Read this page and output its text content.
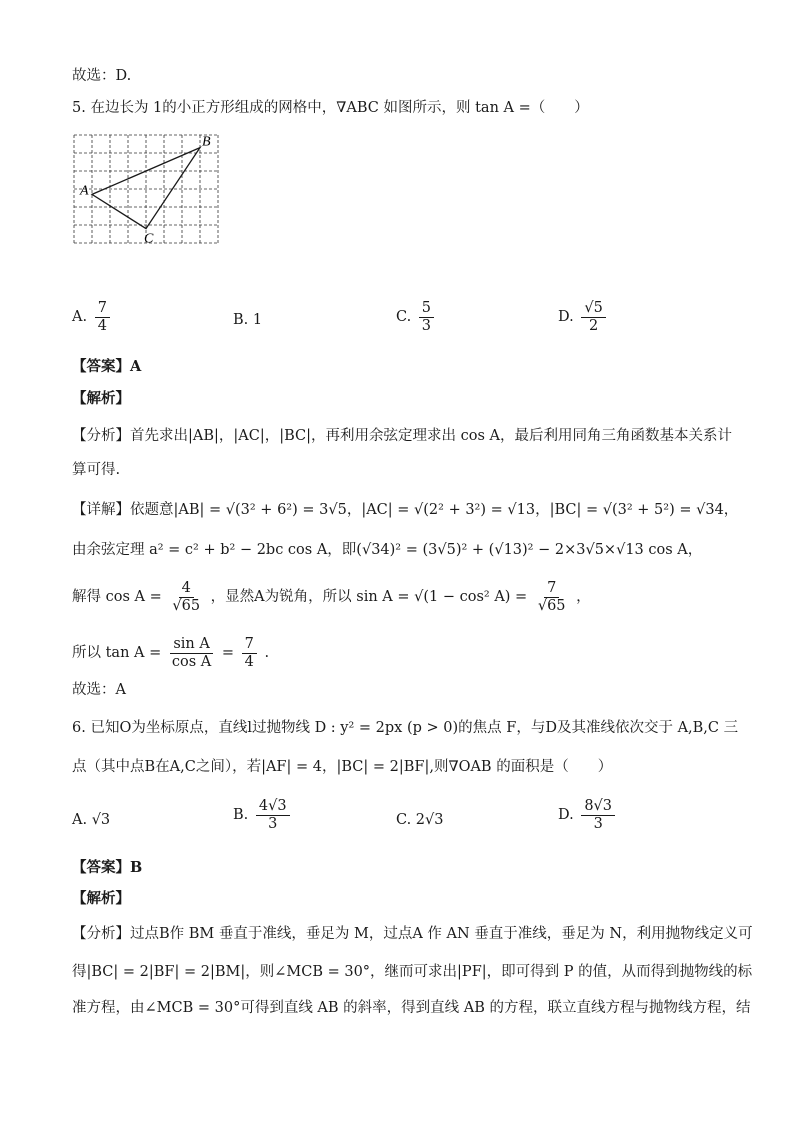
故选：D.
5. 在边长为 1的小正方形组成的网格中，∇ABC 如图所示，则 tan A =（　　）
A
B
C
A. $\frac{7}{4}$	B. 1	C. $\frac{5}{3}$	D. $\frac{√5}{2}$
【答案】A
【解析】
【分析】首先求出|AB|，|AC|，|BC|，再利用余弦定理求出 cos A，最后利用同角三角函数基本关系计
算可得.
【详解】依题意|AB| = √(3² + 6²) = 3√5，|AC| = √(2² + 3²) = √13，|BC| = √(3² + 5²) = √34，
由余弦定理 a² = c² + b² − 2bc cos A，即(√34)² = (3√5)² + (√13)² − 2×3√5×√13 cos A，
解得 $\cos A = \frac{4}{√65}$ ，显然A为锐角，所以 sin A = √(1 − cos² $A) = \frac{7}{√65}$ ，
所以 $\tan A = \frac{\text{sin A}}{\text{cos A}} = \frac{7}{4}$ .
故选：A
6. 已知O为坐标原点，直线l过抛物线 D : y² = 2px (p > 0)的焦点 F，与D及其准线依次交于 A,B,C 三
点（其中点B在A,C之间），若|AF| = 4，|BC| = 2|BF|,则∇OAB 的面积是（　　）
A. √3	B. $\frac{4√3}{3}$	C. 2√3	D. $\frac{8√3}{3}$
【答案】B
【解析】
【分析】过点B作 BM 垂直于准线，垂足为 M，过点A 作 AN 垂直于准线，垂足为 N，利用抛物线定义可
得|BC| = 2|BF| = 2|BM|，则∠MCB = 30°，继而可求出|PF|，即可得到 P 的值，从而得到抛物线的标
准方程，由∠MCB = 30°可得到直线 AB 的斜率，得到直线 AB 的方程，联立直线方程与抛物线方程，结
